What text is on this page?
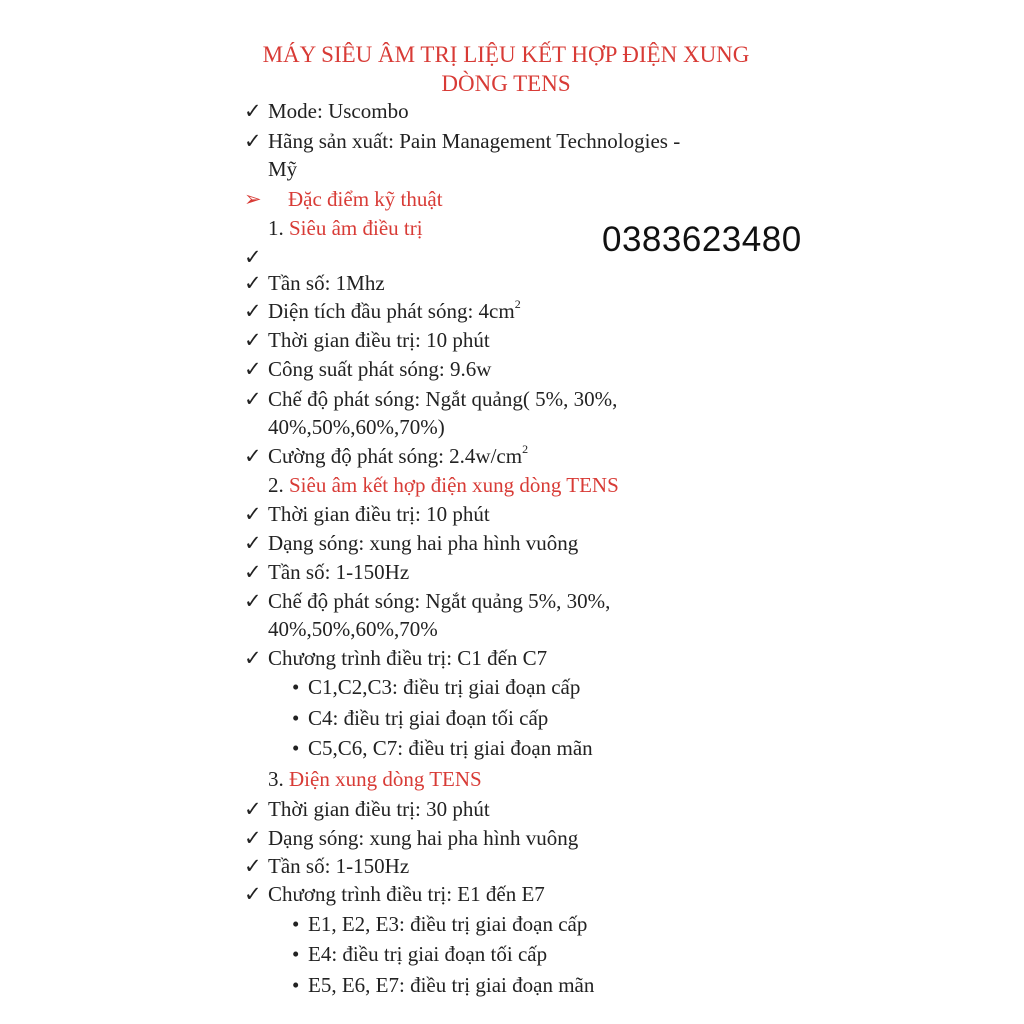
MÁY SIÊU ÂM TRỊ LIỆU KẾT HỢP ĐIỆN XUNG
DÒNG TENS
✓ Mode: Uscombo
✓ Hãng sản xuất: Pain Management Technologies -
Mỹ
➢ Đặc điểm kỹ thuật
1. Siêu âm điều trị	0383623480
✓
✓ Tần số: 1Mhz
✓ Diện tích đầu phát sóng: $4cm^2$
✓ Thời gian điều trị: 10 phút
✓ Công suất phát sóng: 9.6w
✓ Chế độ phát sóng: Ngắt quảng( 5%, 30%,
40%,50%,60%,70%)
✓ Cường độ phát sóng: $2.4w/cm^2$
2. Siêu âm kết hợp điện xung dòng TENS
✓ Thời gian điều trị: 10 phút
✓ Dạng sóng: xung hai pha hình vuông
✓ Tần số: 1-150Hz
✓ Chế độ phát sóng: Ngắt quảng 5%, 30%,
40%,50%,60%,70%
✓ Chương trình điều trị: C1 đến C7
• C1,C2,C3: điều trị giai đoạn cấp
• C4: điều trị giai đoạn tối cấp
• C5,C6, C7: điều trị giai đoạn mãn
3. Điện xung dòng TENS
✓ Thời gian điều trị: 30 phút
✓ Dạng sóng: xung hai pha hình vuông
✓ Tần số: 1-150Hz
✓ Chương trình điều trị: E1 đến E7
• E1, E2, E3: điều trị giai đoạn cấp
• E4: điều trị giai đoạn tối cấp
• E5, E6, E7: điều trị giai đoạn mãn
